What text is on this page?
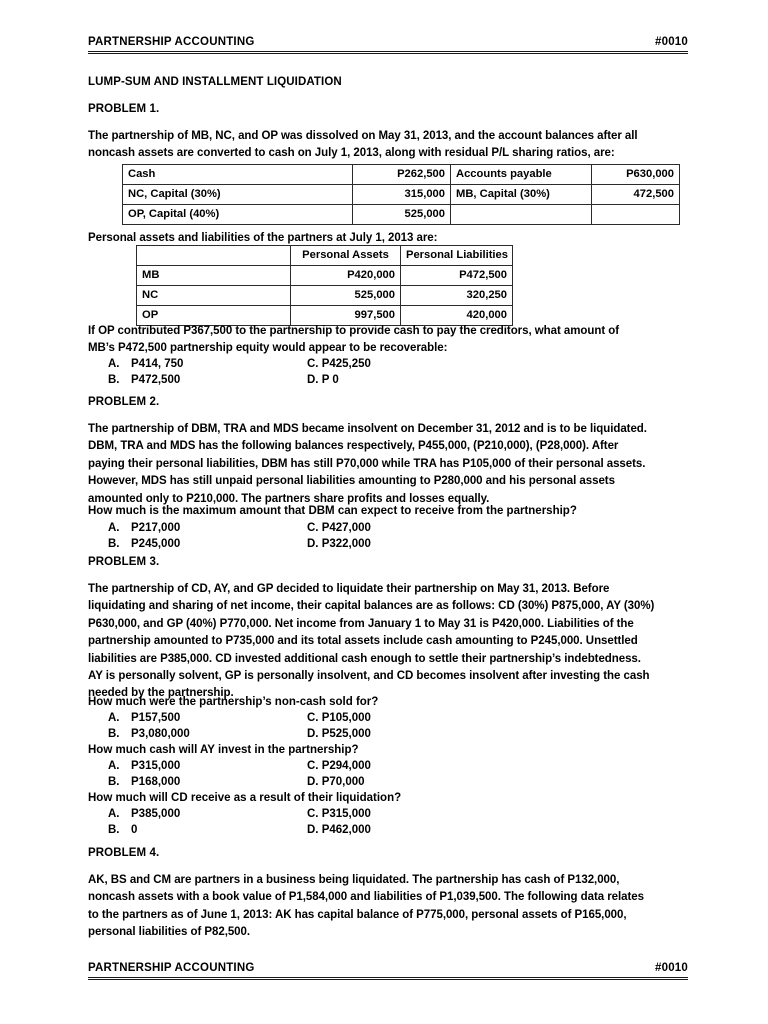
PARTNERSHIP ACCOUNTING	#0010
LUMP-SUM AND INSTALLMENT LIQUIDATION
PROBLEM 1.
The partnership of MB, NC, and OP was dissolved on May 31, 2013, and the account balances after all
noncash assets are converted to cash on July 1, 2013, along with residual P/L sharing ratios, are:
Cash	P262,500	Accounts payable	P630,000
NC, Capital (30%)	315,000	MB, Capital (30%)	472,500
OP, Capital (40%)	525,000		
Personal assets and liabilities of the partners at July 1, 2013 are:
	Personal Assets	Personal Liabilities
MB	P420,000	P472,500
NC	525,000	320,250
OP	997,500	420,000
If OP contributed P367,500 to the partnership to provide cash to pay the creditors, what amount of
MB’s P472,500 partnership equity would appear to be recoverable:
A. P414, 750	C. P425,250
B. P472,500	D. P 0
PROBLEM 2.
The partnership of DBM, TRA and MDS became insolvent on December 31, 2012 and is to be liquidated.
DBM, TRA and MDS has the following balances respectively, P455,000, (P210,000), (P28,000). After
paying their personal liabilities, DBM has still P70,000 while TRA has P105,000 of their personal assets.
However, MDS has still unpaid personal liabilities amounting to P280,000 and his personal assets
amounted only to P210,000. The partners share profits and losses equally.
How much is the maximum amount that DBM can expect to receive from the partnership?
A. P217,000	C. P427,000
B. P245,000	D. P322,000
PROBLEM 3.
The partnership of CD, AY, and GP decided to liquidate their partnership on May 31, 2013. Before
liquidating and sharing of net income, their capital balances are as follows: CD (30%) P875,000, AY (30%)
P630,000, and GP (40%) P770,000. Net income from January 1 to May 31 is P420,000. Liabilities of the
partnership amounted to P735,000 and its total assets include cash amounting to P245,000. Unsettled
liabilities are P385,000. CD invested additional cash enough to settle their partnership’s indebtedness.
AY is personally solvent, GP is personally insolvent, and CD becomes insolvent after investing the cash
needed by the partnership.
How much were the partnership’s non-cash sold for?
A. P157,500	C. P105,000
B. P3,080,000	D. P525,000
How much cash will AY invest in the partnership?
A. P315,000	C. P294,000
B. P168,000	D. P70,000
How much will CD receive as a result of their liquidation?
A. P385,000	C. P315,000
B. 0	D. P462,000
PROBLEM 4.
AK, BS and CM are partners in a business being liquidated. The partnership has cash of P132,000,
noncash assets with a book value of P1,584,000 and liabilities of P1,039,500. The following data relates
to the partners as of June 1, 2013: AK has capital balance of P775,000, personal assets of P165,000,
personal liabilities of P82,500.
PARTNERSHIP ACCOUNTING	#0010
